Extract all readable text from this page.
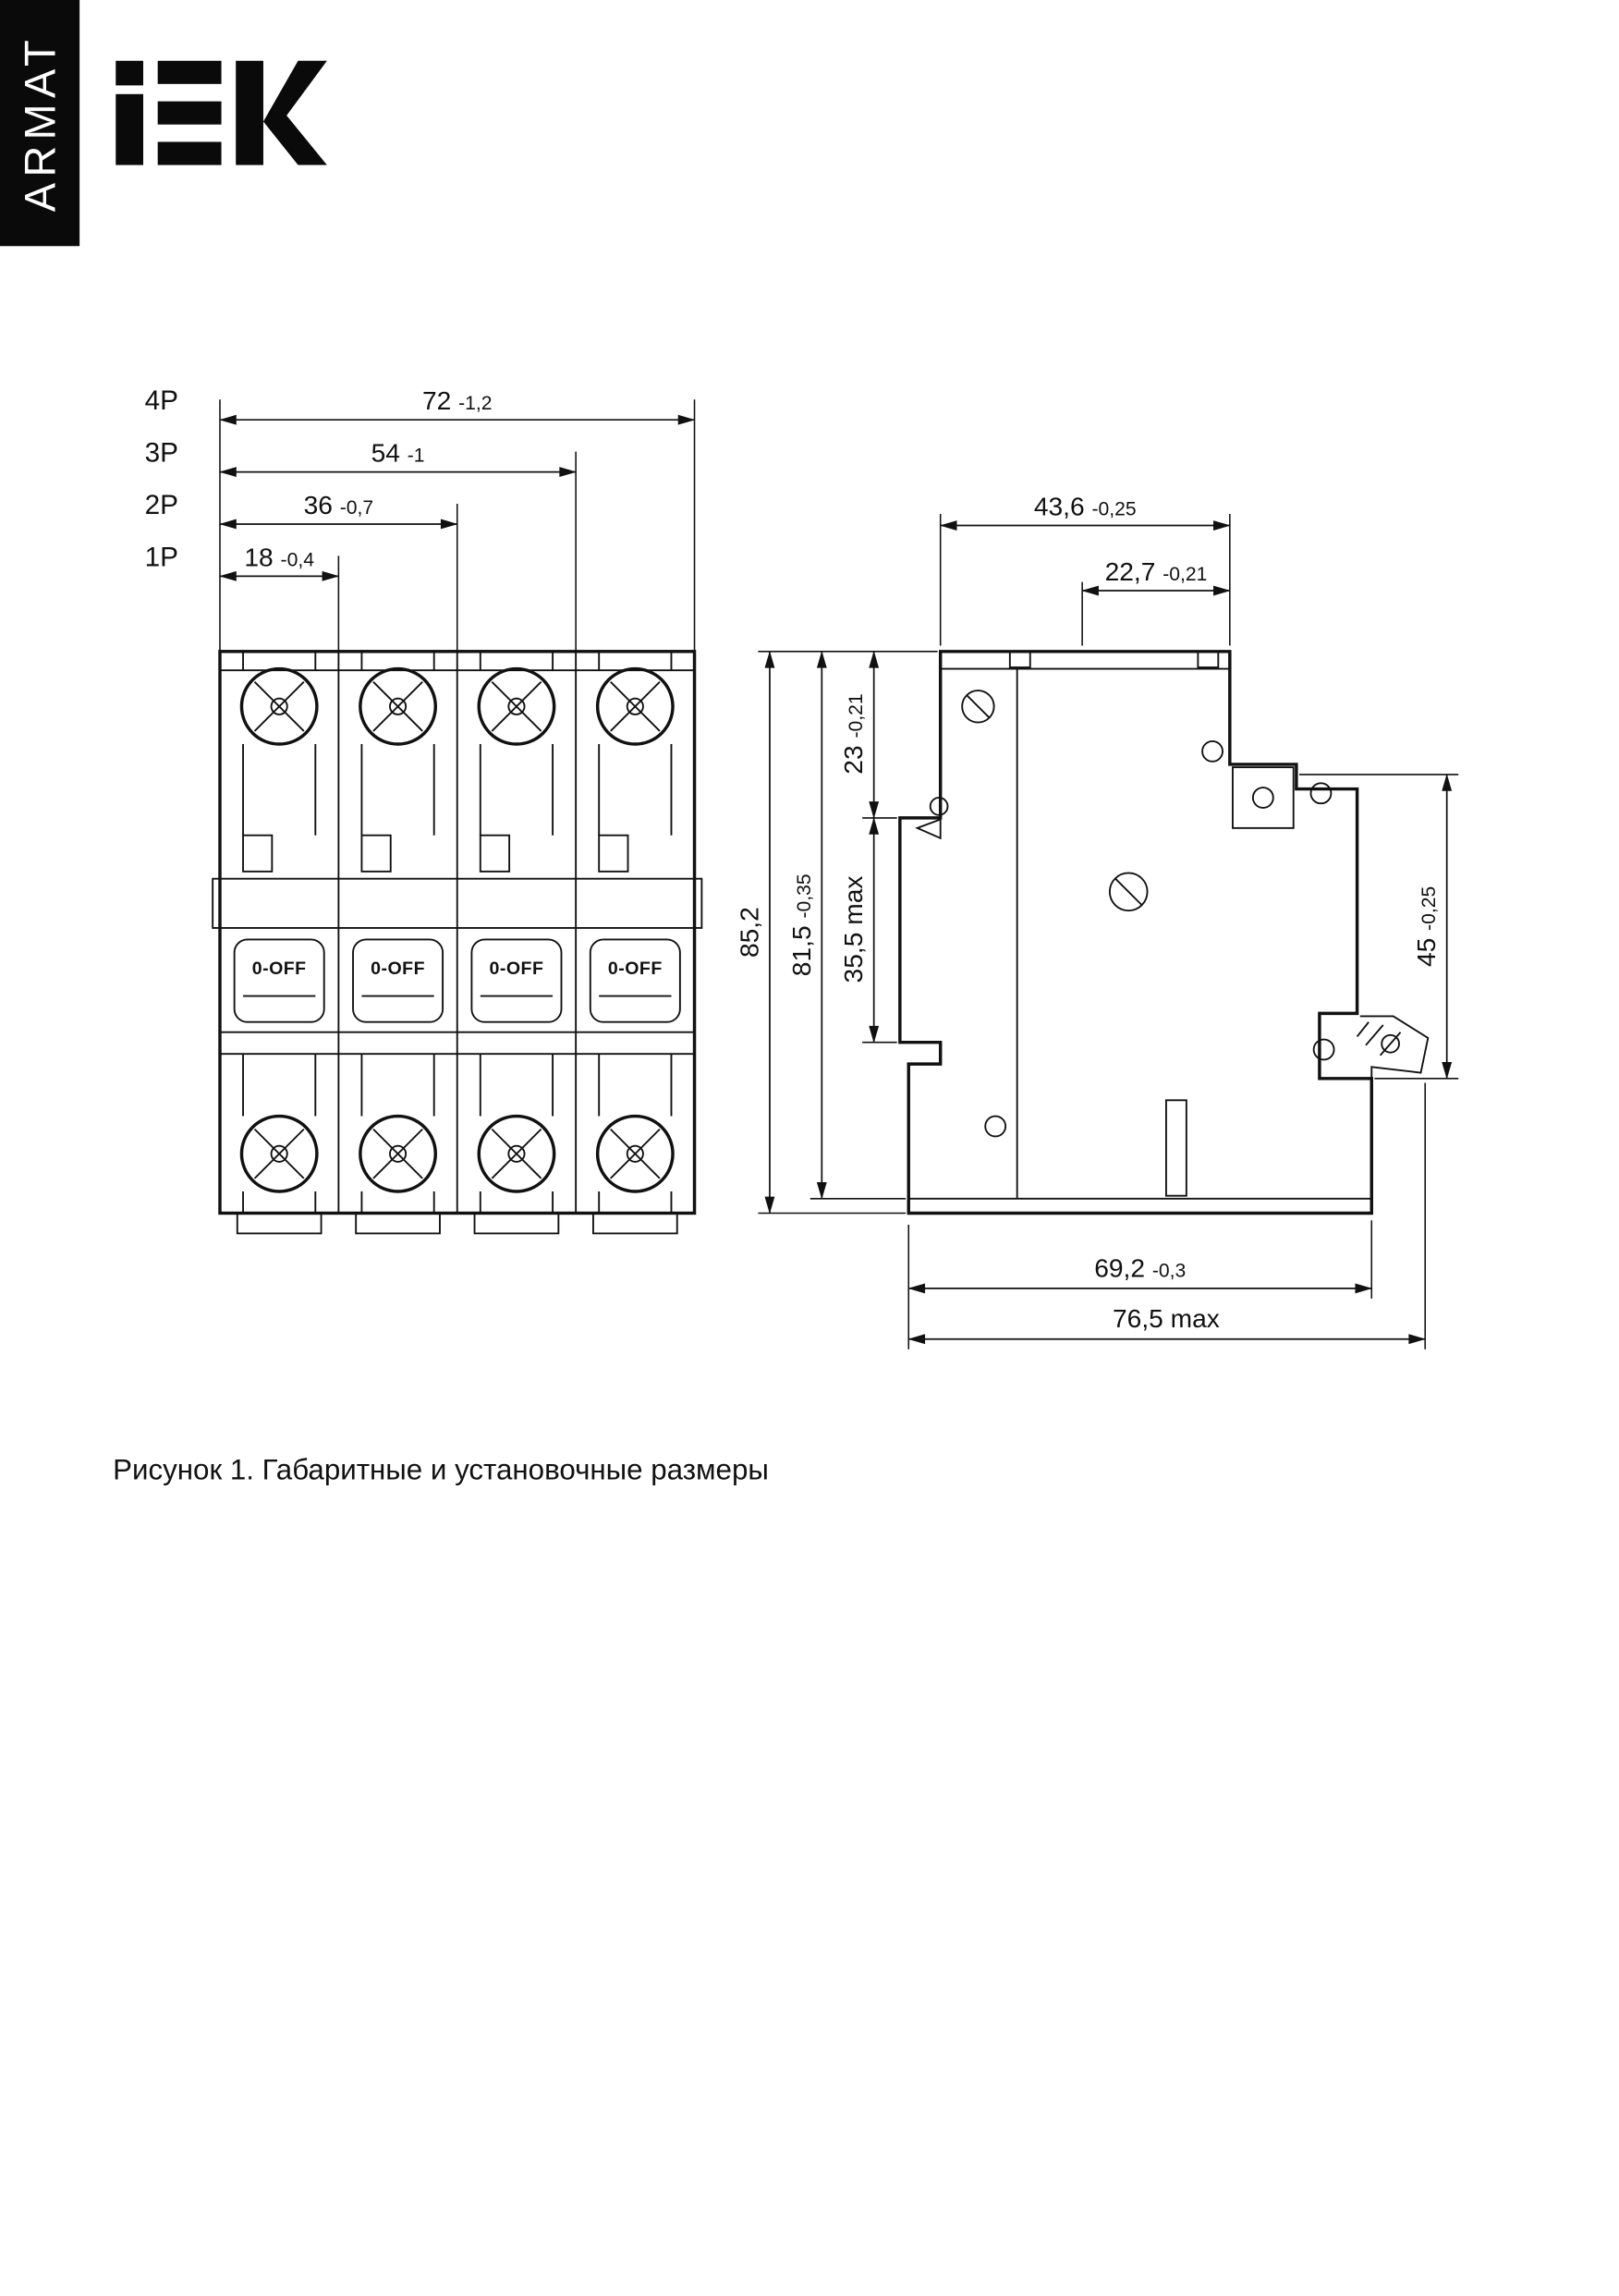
ARMAT
4P	72 -1,2
3P	54 -1
2P	36 -0,7
1P	18 -0,4
0-OFF	0-OFF	0-OFF	0-OFF
43,6 -0,25
22,7 -0,21
85,2 81,5-0,35
23-0,21
35,5 max	45-0,25
69,2 -0,3
76,5 max
Рисунок 1. Габаритные и установочные размеры
